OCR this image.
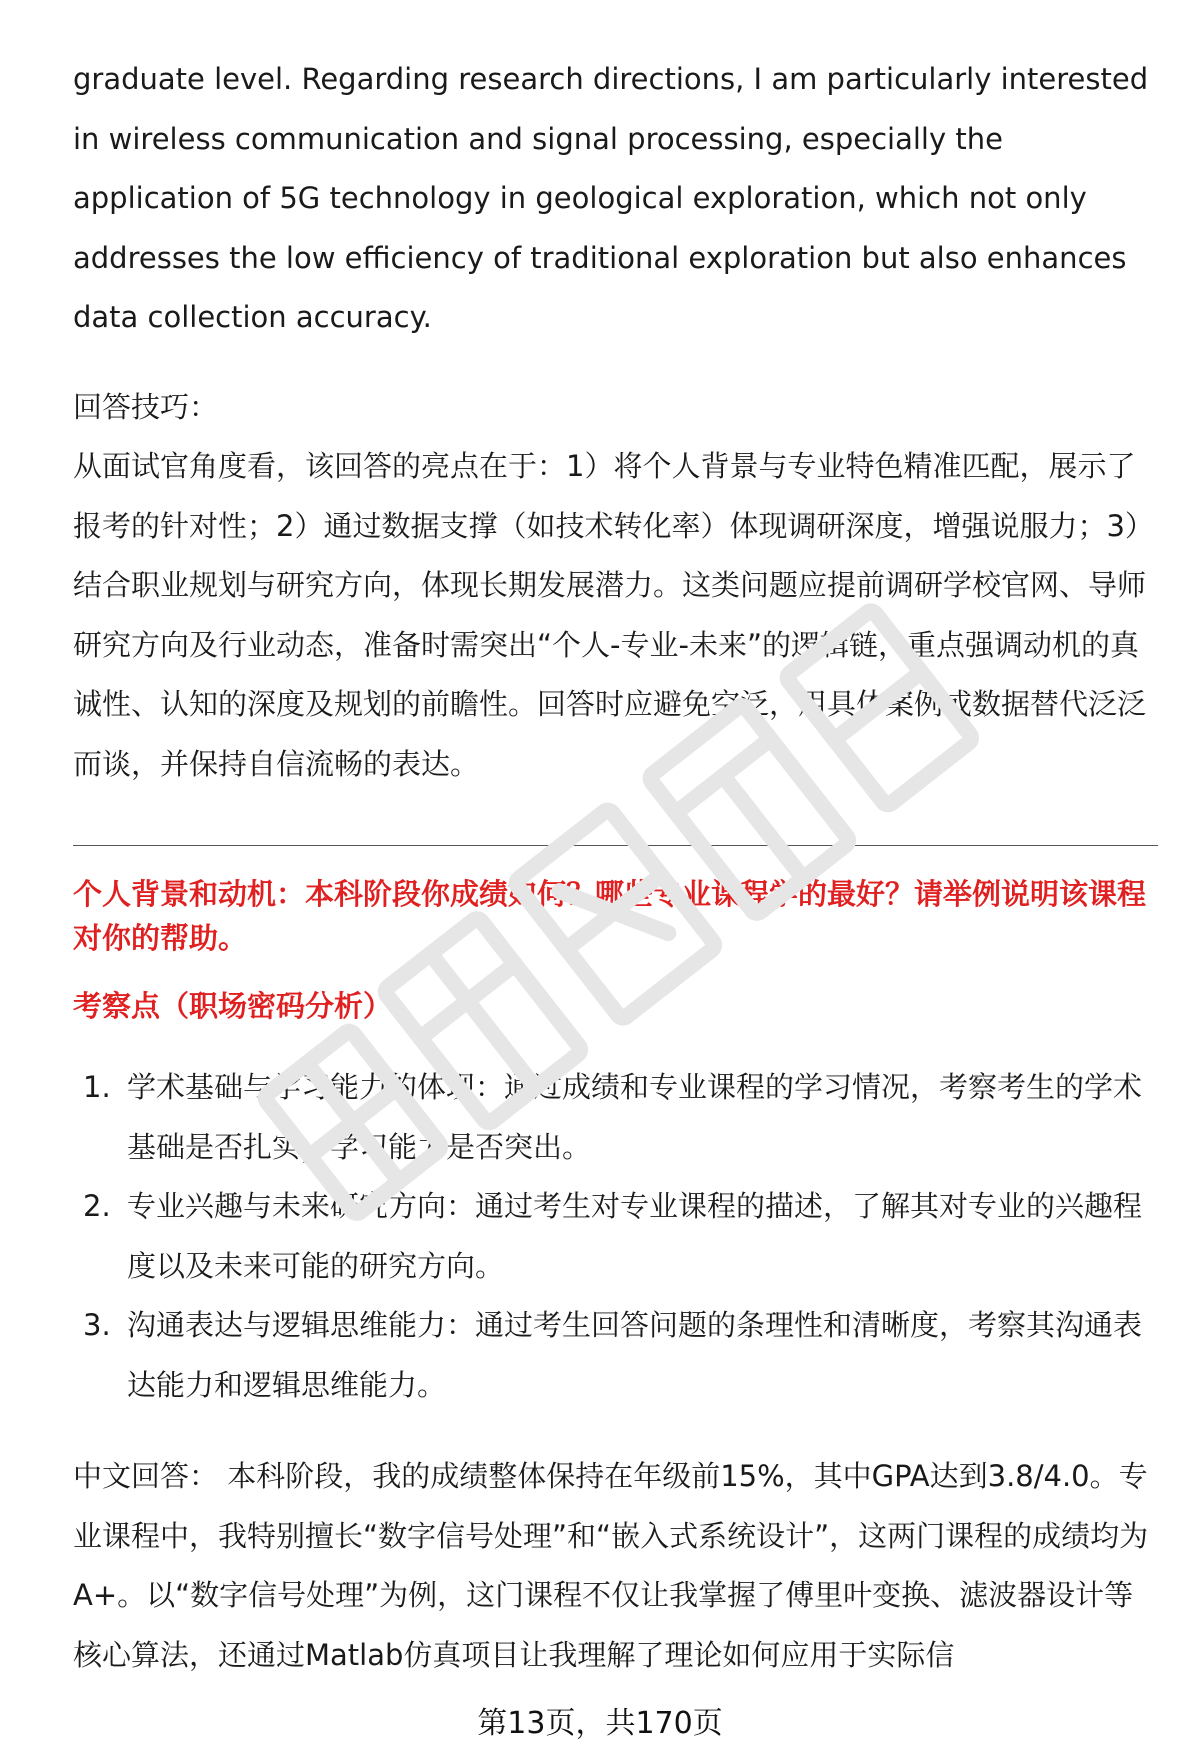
graduate level. Regarding research directions, I am particularly interested in wireless communication and signal processing, especially the application of 5G technology in geological exploration, which not only addresses the low efficiency of traditional exploration but also enhances data collection accuracy.

回答技巧：

从面试官角度看，该回答的亮点在于：1）将个人背景与专业特色精准匹配，展示了报考的针对性；2）通过数据支撑（如技术转化率）体现调研深度，增强说服力；3）结合职业规划与研究方向，体现长期发展潜力。这类问题应提前调研学校官网、导师研究方向及行业动态，准备时需突出“个人-专业-未来”的逻辑链，重点强调动机的真诚性、认知的深度及规划的前瞻性。回答时应避免空泛，用具体案例或数据替代泛泛而谈，并保持自信流畅的表达。

个人背景和动机：本科阶段你成绩如何？哪些专业课程学的最好？请举例说明该课程对你的帮助。
考察点（职场密码分析）
1. 学术基础与学习能力的体现：通过成绩和专业课程的学习情况，考察考生的学术基础是否扎实，学习能力是否突出。
2. 专业兴趣与未来研究方向：通过考生对专业课程的描述，了解其对专业的兴趣程度以及未来可能的研究方向。
3. 沟通表达与逻辑思维能力：通过考生回答问题的条理性和清晰度，考察其沟通表达能力和逻辑思维能力。

中文回答： 本科阶段，我的成绩整体保持在年级前15%，其中GPA达到3.8/4.0。专业课程中，我特别擅长“数字信号处理”和“嵌入式系统设计”，这两门课程的成绩均为A+。以“数字信号处理”为例，这门课程不仅让我掌握了傅里叶变换、滤波器设计等核心算法，还通过Matlab仿真项目让我理解了理论如何应用于实际信

第13页，共170页
